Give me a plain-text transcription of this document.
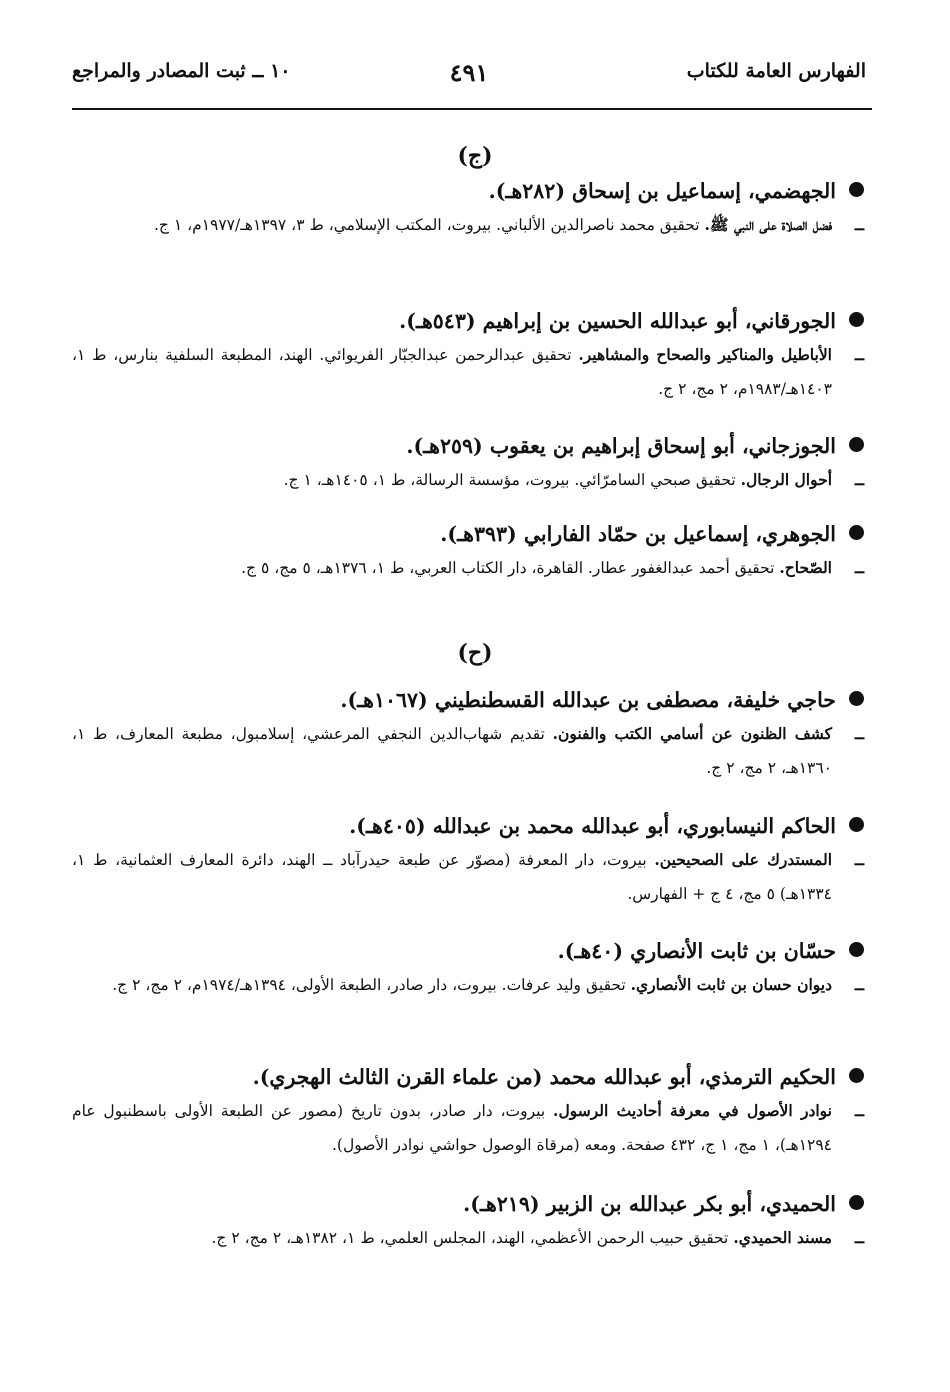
الفهارس العامة للكتاب
٤٩١
١٠ ــ ثبت المصادر والمراجع
(ج)
الجهضمي، إسماعيل بن إسحاق (٢٨٢هـ).
ــ
فضل الصلاة على النبي ﷺ. تحقيق محمد ناصرالدين الألباني. بيروت، المكتب الإسلامي، ط ٣، ١٣٩٧هـ/١٩٧٧م، ١ ج.
الجورقاني، أبو عبدالله الحسين بن إبراهيم (٥٤٣هـ).
ــ
الأباطيل والمناكير والصحاح والمشاهير. تحقيق عبدالرحمن عبدالجبّار الفريوائي. الهند، المطبعة السلفية بنارس، ط ١، ١٤٠٣هـ/١٩٨٣م، ٢ مج، ٢ ج.
الجوزجاني، أبو إسحاق إبراهيم بن يعقوب (٢٥٩هـ).
ــ
أحوال الرجال. تحقيق صبحي السامرّائي. بيروت، مؤسسة الرسالة، ط ١، ١٤٠٥هـ، ١ ج.
الجوهري، إسماعيل بن حمّاد الفارابي (٣٩٣هـ).
ــ
الصّحاح. تحقيق أحمد عبدالغفور عطار. القاهرة، دار الكتاب العربي، ط ١، ١٣٧٦هـ، ٥ مج، ٥ ج.
(ح)
حاجي خليفة، مصطفى بن عبدالله القسطنطيني (١٠٦٧هـ).
ــ
كشف الظنون عن أسامي الكتب والفنون. تقديم شهاب‌الدين النجفي المرعشي، إسلامبول، مطبعة المعارف، ط ١، ١٣٦٠هـ، ٢ مج، ٢ ج.
الحاكم النيسابوري، أبو عبدالله محمد بن عبدالله (٤٠٥هـ).
ــ
المستدرك على الصحيحين. بيروت، دار المعرفة (مصوّر عن طبعة حيدرآباد ــ الهند، دائرة المعارف العثمانية، ط ١، ١٣٣٤هـ) ٥ مج، ٤ ج + الفهارس.
حسّان بن ثابت الأنصاري (٤٠هـ).
ــ
ديوان حسان بن ثابت الأنصاري. تحقيق وليد عرفات. بيروت، دار صادر، الطبعة الأولى، ١٣٩٤هـ/١٩٧٤م، ٢ مج، ٢ ج.
الحكيم الترمذي، أبو عبدالله محمد (من علماء القرن الثالث الهجري).
ــ
نوادر الأصول في معرفة أحاديث الرسول. بيروت، دار صادر، بدون تاريخ (مصور عن الطبعة الأولى باسطنبول عام ١٢٩٤هـ)، ١ مج، ١ ج، ٤٣٢ صفحة. ومعه (مرقاة الوصول حواشي نوادر الأصول).
الحميدي، أبو بكر عبدالله بن الزبير (٢١٩هـ).
ــ
مسند الحميدي. تحقيق حبيب الرحمن الأعظمي، الهند، المجلس العلمي، ط ١، ١٣٨٢هـ، ٢ مج، ٢ ج.
